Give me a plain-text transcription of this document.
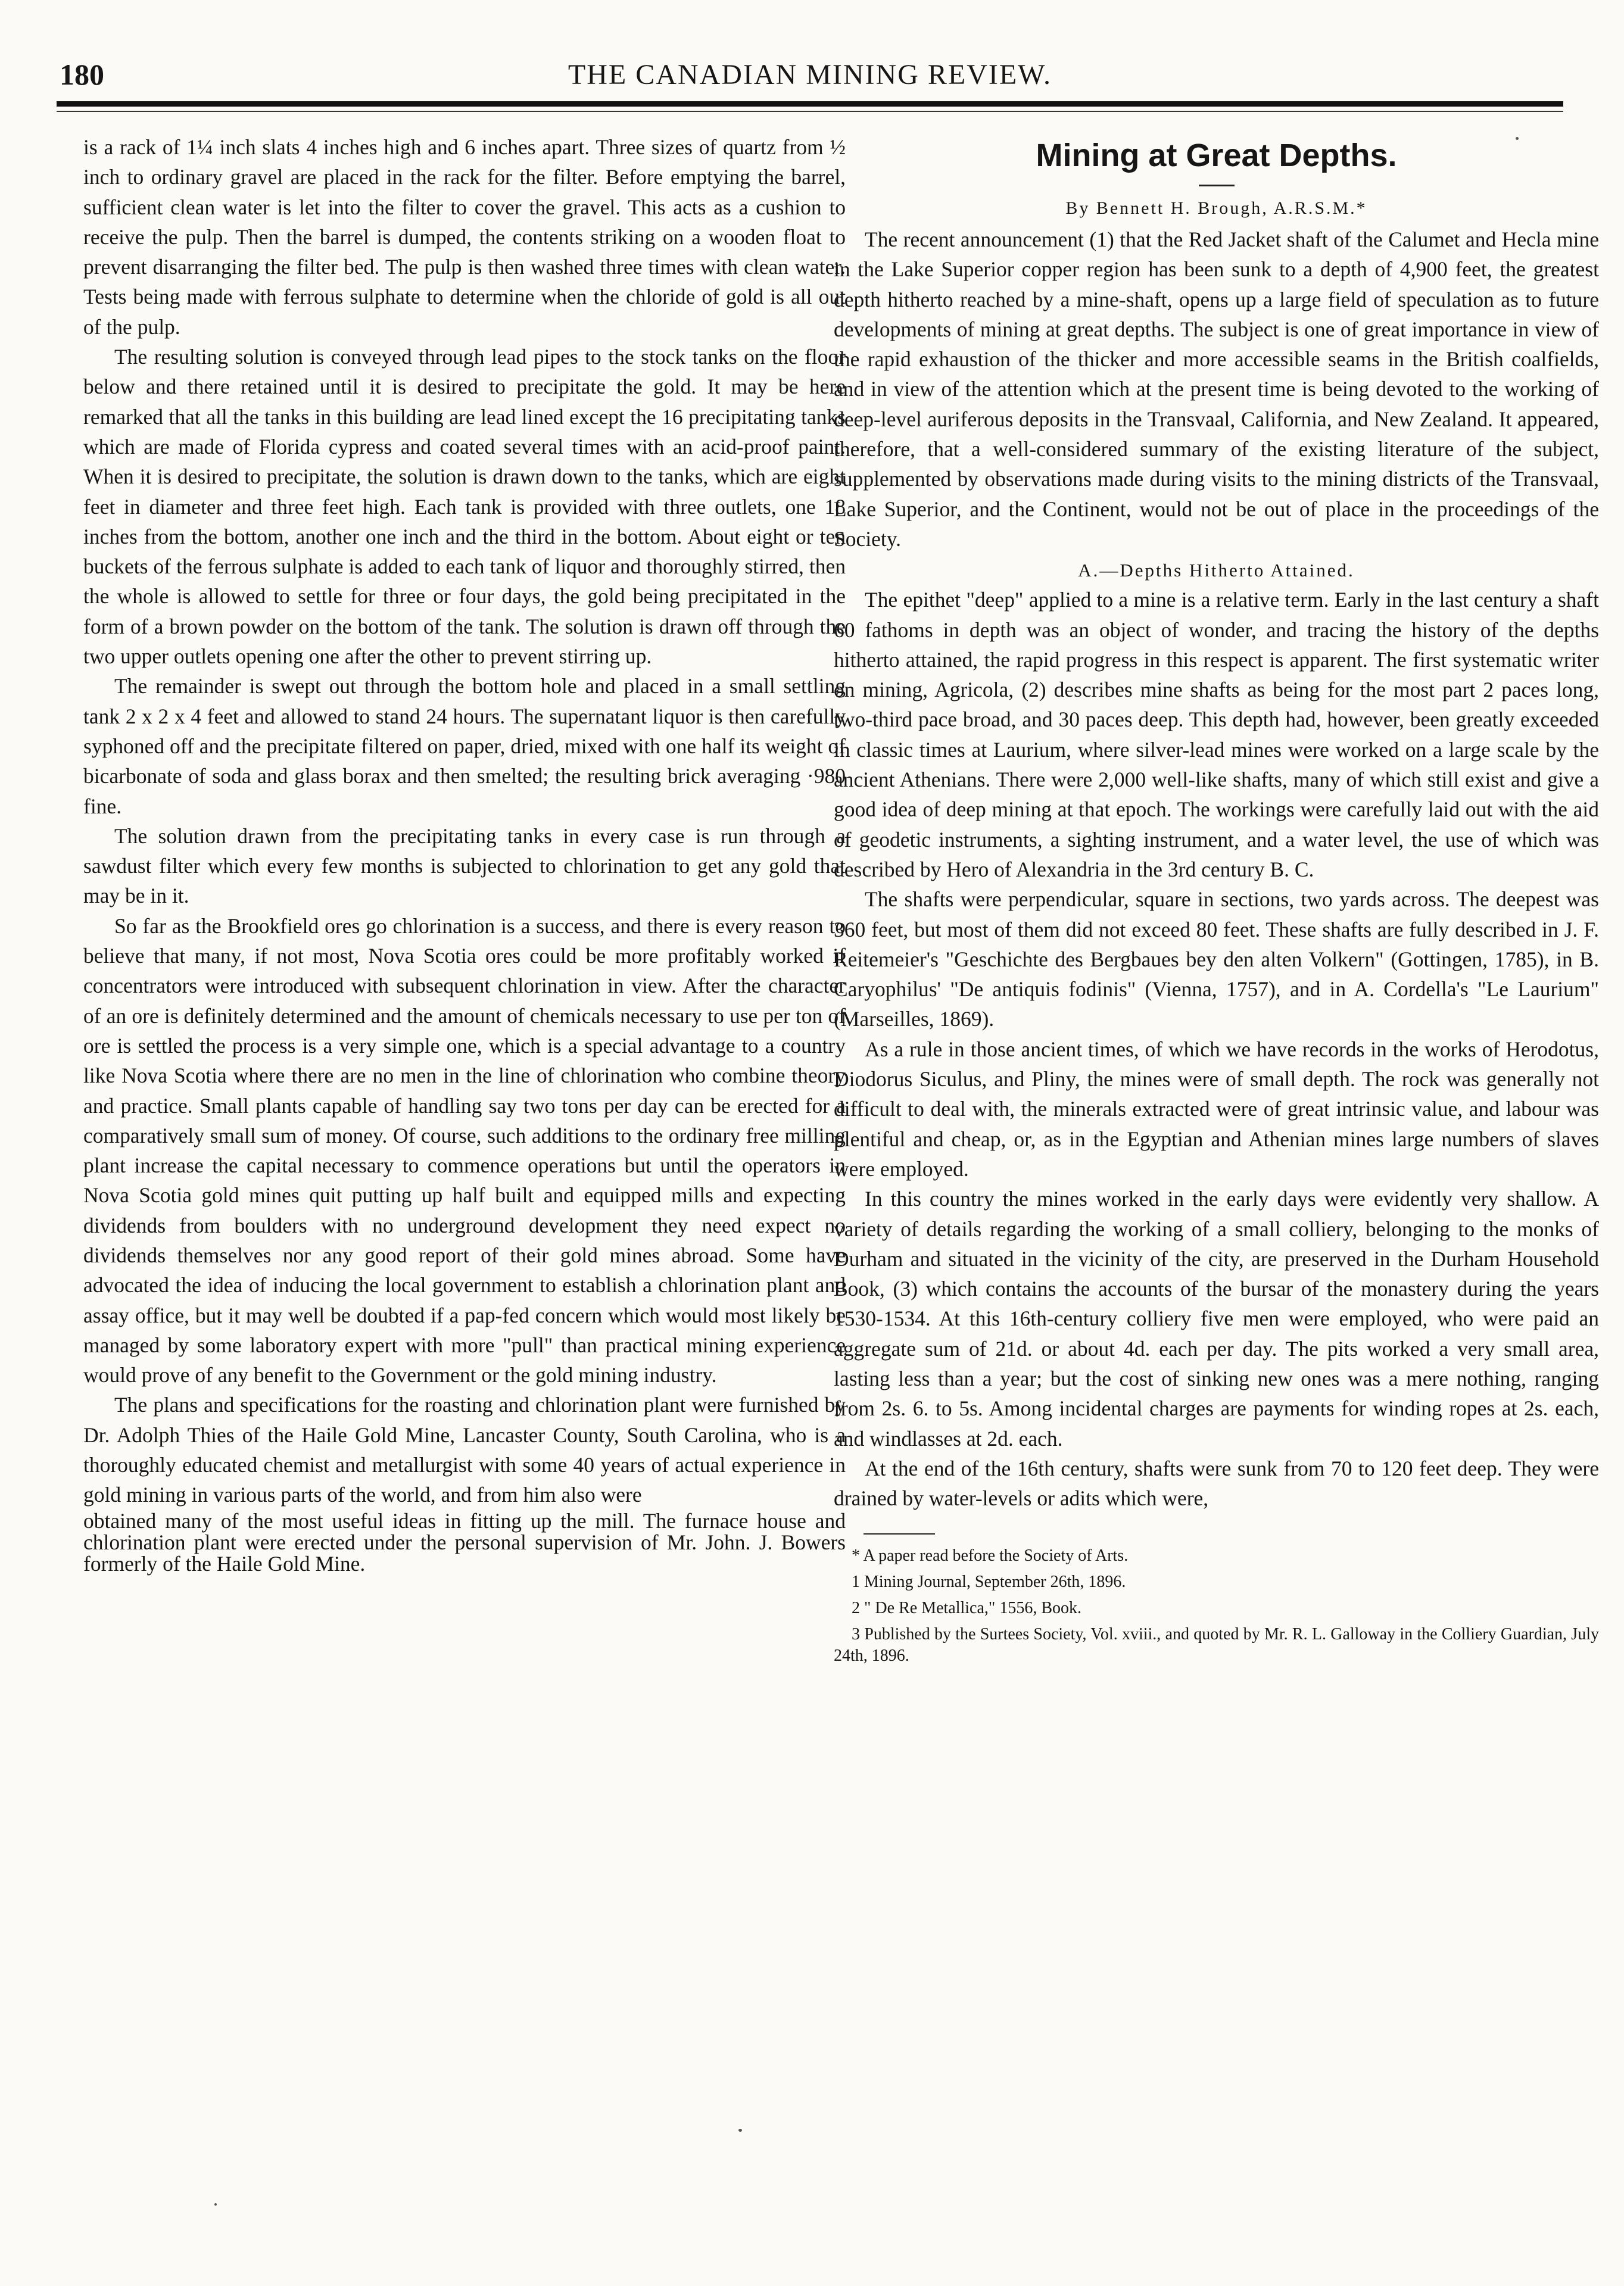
180	THE CANADIAN MINING REVIEW.

is a rack of 1¼ inch slats 4 inches high and 6 inches apart. Three sizes of quartz from ½ inch to ordinary gravel are placed in the rack for the filter. Before emptying the barrel, sufficient clean water is let into the filter to cover the gravel. This acts as a cushion to receive the pulp. Then the barrel is dumped, the contents striking on a wooden float to prevent disarranging the filter bed. The pulp is then washed three times with clean water. Tests being made with ferrous sulphate to determine when the chloride of gold is all out of the pulp.

The resulting solution is conveyed through lead pipes to the stock tanks on the floor below and there retained until it is desired to precipitate the gold. It may be here remarked that all the tanks in this building are lead lined except the 16 precipitating tanks which are made of Florida cypress and coated several times with an acid-proof paint. When it is desired to precipitate, the solution is drawn down to the tanks, which are eight feet in diameter and three feet high. Each tank is provided with three outlets, one 18 inches from the bottom, another one inch and the third in the bottom. About eight or ten buckets of the ferrous sulphate is added to each tank of liquor and thoroughly stirred, then the whole is allowed to settle for three or four days, the gold being precipitated in the form of a brown powder on the bottom of the tank. The solution is drawn off through the two upper outlets opening one after the other to prevent stirring up.

The remainder is swept out through the bottom hole and placed in a small settling tank 2 x 2 x 4 feet and allowed to stand 24 hours. The supernatant liquor is then carefully syphoned off and the precipitate filtered on paper, dried, mixed with one half its weight of bicarbonate of soda and glass borax and then smelted; the resulting brick averaging ·980 fine.

The solution drawn from the precipitating tanks in every case is run through a sawdust filter which every few months is subjected to chlorination to get any gold that may be in it.

So far as the Brookfield ores go chlorination is a success, and there is every reason to believe that many, if not most, Nova Scotia ores could be more profitably worked if concentrators were introduced with subsequent chlorination in view. After the character of an ore is definitely determined and the amount of chemicals necessary to use per ton of ore is settled the process is a very simple one, which is a special advantage to a country like Nova Scotia where there are no men in the line of chlorination who combine theory and practice. Small plants capable of handling say two tons per day can be erected for a comparatively small sum of money. Of course, such additions to the ordinary free milling plant increase the capital necessary to commence operations but until the operators in Nova Scotia gold mines quit putting up half built and equipped mills and expecting dividends from boulders with no underground development they need expect no dividends themselves nor any good report of their gold mines abroad. Some have advocated the idea of inducing the local government to establish a chlorination plant and assay office, but it may well be doubted if a pap-fed concern which would most likely be managed by some laboratory expert with more "pull" than practical mining experience would prove of any benefit to the Government or the gold mining industry.

The plans and specifications for the roasting and chlorination plant were furnished by Dr. Adolph Thies of the Haile Gold Mine, Lancaster County, South Carolina, who is a thoroughly educated chemist and metallurgist with some 40 years of actual experience in gold mining in various parts of the world, and from him also were

obtained many of the most useful ideas in fitting up the mill. The furnace house and chlorination plant were erected under the personal supervision of Mr. John. J. Bowers formerly of the Haile Gold Mine.

Mining at Great Depths.
By Bennett H. Brough, A.R.S.M.*

The recent announcement (1) that the Red Jacket shaft of the Calumet and Hecla mine in the Lake Superior copper region has been sunk to a depth of 4,900 feet, the greatest depth hitherto reached by a mine-shaft, opens up a large field of speculation as to future developments of mining at great depths. The subject is one of great importance in view of the rapid exhaustion of the thicker and more accessible seams in the British coalfields, and in view of the attention which at the present time is being devoted to the working of deep-level auriferous deposits in the Transvaal, California, and New Zealand. It appeared, therefore, that a well-considered summary of the existing literature of the subject, supplemented by observations made during visits to the mining districts of the Transvaal, Lake Superior, and the Continent, would not be out of place in the proceedings of the Society.

A.—Depths Hitherto Attained.

The epithet "deep" applied to a mine is a relative term. Early in the last century a shaft 60 fathoms in depth was an object of wonder, and tracing the history of the depths hitherto attained, the rapid progress in this respect is apparent. The first systematic writer on mining, Agricola, (2) describes mine shafts as being for the most part 2 paces long, two-third pace broad, and 30 paces deep. This depth had, however, been greatly exceeded in classic times at Laurium, where silver-lead mines were worked on a large scale by the ancient Athenians. There were 2,000 well-like shafts, many of which still exist and give a good idea of deep mining at that epoch. The workings were carefully laid out with the aid of geodetic instruments, a sighting instrument, and a water level, the use of which was described by Hero of Alexandria in the 3rd century B. C.

The shafts were perpendicular, square in sections, two yards across. The deepest was 360 feet, but most of them did not exceed 80 feet. These shafts are fully described in J. F. Reitemeier's "Geschichte des Bergbaues bey den alten Volkern" (Gottingen, 1785), in B. Caryophilus' "De antiquis fodinis" (Vienna, 1757), and in A. Cordella's "Le Laurium" (Marseilles, 1869).

As a rule in those ancient times, of which we have records in the works of Herodotus, Diodorus Siculus, and Pliny, the mines were of small depth. The rock was generally not difficult to deal with, the minerals extracted were of great intrinsic value, and labour was plentiful and cheap, or, as in the Egyptian and Athenian mines large numbers of slaves were employed.

In this country the mines worked in the early days were evidently very shallow. A variety of details regarding the working of a small colliery, belonging to the monks of Durham and situated in the vicinity of the city, are preserved in the Durham Household Book, (3) which contains the accounts of the bursar of the monastery during the years 1530-1534. At this 16th-century colliery five men were employed, who were paid an aggregate sum of 21d. or about 4d. each per day. The pits worked a very small area, lasting less than a year; but the cost of sinking new ones was a mere nothing, ranging from 2s. 6. to 5s. Among incidental charges are payments for winding ropes at 2s. each, and windlasses at 2d. each.

At the end of the 16th century, shafts were sunk from 70 to 120 feet deep. They were drained by water-levels or adits which were,

* A paper read before the Society of Arts.
1 Mining Journal, September 26th, 1896.
2 " De Re Metallica," 1556, Book.
3 Published by the Surtees Society, Vol. xviii., and quoted by Mr. R. L. Galloway in the Colliery Guardian, July 24th, 1896.
